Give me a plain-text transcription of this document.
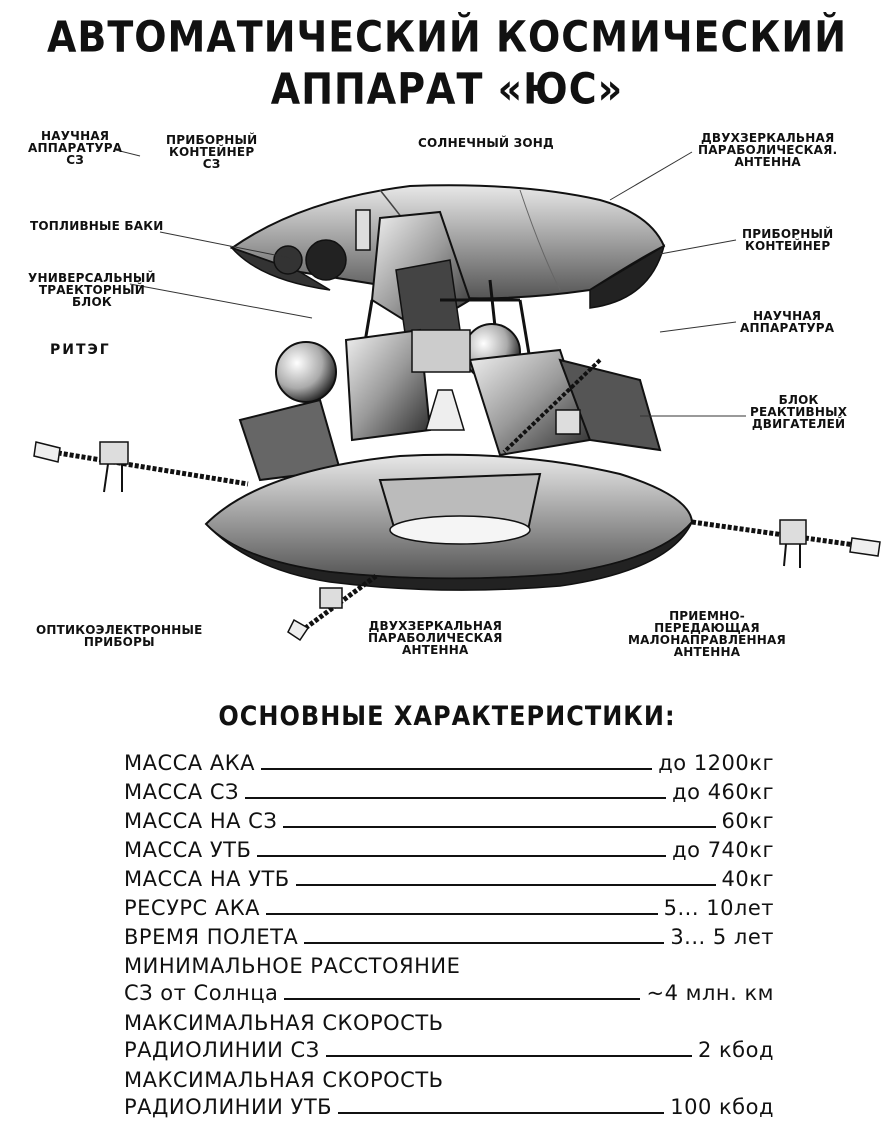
АВТОМАТИЧЕСКИЙ КОСМИЧЕСКИЙ
АППАРАТ «ЮС»
НАУЧНАЯ
АППАРАТУРА
СЗ
ПРИБОРНЫЙ
КОНТЕЙНЕР
СЗ
СОЛНЕЧНЫЙ ЗОНД	ДВУХЗЕРКАЛЬНАЯ
ПАРАБОЛИЧЕСКАЯ.
АНТЕННА
ТОПЛИВНЫЕ БАКИ
УНИВЕРСАЛЬНЫЙ
ТРАЕКТОРНЫЙ
БЛОК
РИТЭГ
ПРИБОРНЫЙ
КОНТЕЙНЕР
НАУЧНАЯ
АППАРАТУРА
БЛОК
РЕАКТИВНЫХ
ДВИГАТЕЛЕЙ
ОПТИКОЭЛЕКТРОННЫЕ
ПРИБОРЫ
ДВУХЗЕРКАЛЬНАЯ
ПАРАБОЛИЧЕСКАЯ
АНТЕННА
ПРИЕМНО-
ПЕРЕДАЮЩАЯ
МАЛОНАПРАВЛЕННАЯ
АНТЕННА
ОСНОВНЫЕ ХАРАКТЕРИСТИКИ:
МАССА АКА	до 1200кг
МАССА СЗ	до 460кг
МАССА НА СЗ	60кг
МАССА УТБ	до 740кг
МАССА НА УТБ	40кг
РЕСУРС АКА	5... 10лет
ВРЕМЯ ПОЛЕТА	3... 5 лет
МИНИМАЛЬНОЕ РАССТОЯНИЕ
СЗ от Солнца	~4 млн. км
МАКСИМАЛЬНАЯ СКОРОСТЬ
РАДИОЛИНИИ СЗ	2 кбод
МАКСИМАЛЬНАЯ СКОРОСТЬ
РАДИОЛИНИИ УТБ	100 кбод
